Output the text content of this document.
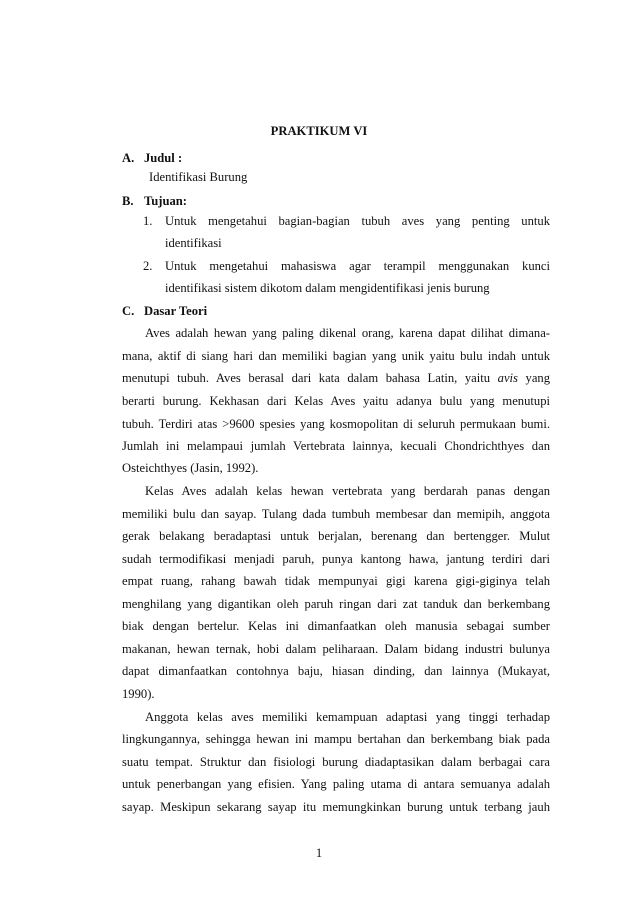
PRAKTIKUM VI
A. Judul :
Identifikasi Burung
B. Tujuan:
1. Untuk mengetahui bagian-bagian tubuh aves yang penting untuk
identifikasi
2. Untuk mengetahui mahasiswa agar terampil menggunakan kunci
identifikasi sistem dikotom dalam mengidentifikasi jenis burung
C. Dasar Teori
Aves adalah hewan yang paling dikenal orang, karena dapat dilihat dimana-
mana, aktif di siang hari dan memiliki bagian yang unik yaitu bulu indah untuk
menutupi tubuh. Aves berasal dari kata dalam bahasa Latin, yaitu avis yang
berarti burung. Kekhasan dari Kelas Aves yaitu adanya bulu yang menutupi
tubuh. Terdiri atas >9600 spesies yang kosmopolitan di seluruh permukaan bumi.
Jumlah ini melampaui jumlah Vertebrata lainnya, kecuali Chondrichthyes dan
Osteichthyes (Jasin, 1992).
Kelas Aves adalah kelas hewan vertebrata yang berdarah panas dengan
memiliki bulu dan sayap. Tulang dada tumbuh membesar dan memipih, anggota
gerak belakang beradaptasi untuk berjalan, berenang dan bertengger. Mulut
sudah termodifikasi menjadi paruh, punya kantong hawa, jantung terdiri dari
empat ruang, rahang bawah tidak mempunyai gigi karena gigi-giginya telah
menghilang yang digantikan oleh paruh ringan dari zat tanduk dan berkembang
biak dengan bertelur. Kelas ini dimanfaatkan oleh manusia sebagai sumber
makanan, hewan ternak, hobi dalam peliharaan. Dalam bidang industri bulunya
dapat dimanfaatkan contohnya baju, hiasan dinding, dan lainnya (Mukayat,
1990).
Anggota kelas aves memiliki kemampuan adaptasi yang tinggi terhadap
lingkungannya, sehingga hewan ini mampu bertahan dan berkembang biak pada
suatu tempat. Struktur dan fisiologi burung diadaptasikan dalam berbagai cara
untuk penerbangan yang efisien. Yang paling utama di antara semuanya adalah
sayap. Meskipun sekarang sayap itu memungkinkan burung untuk terbang jauh
1
